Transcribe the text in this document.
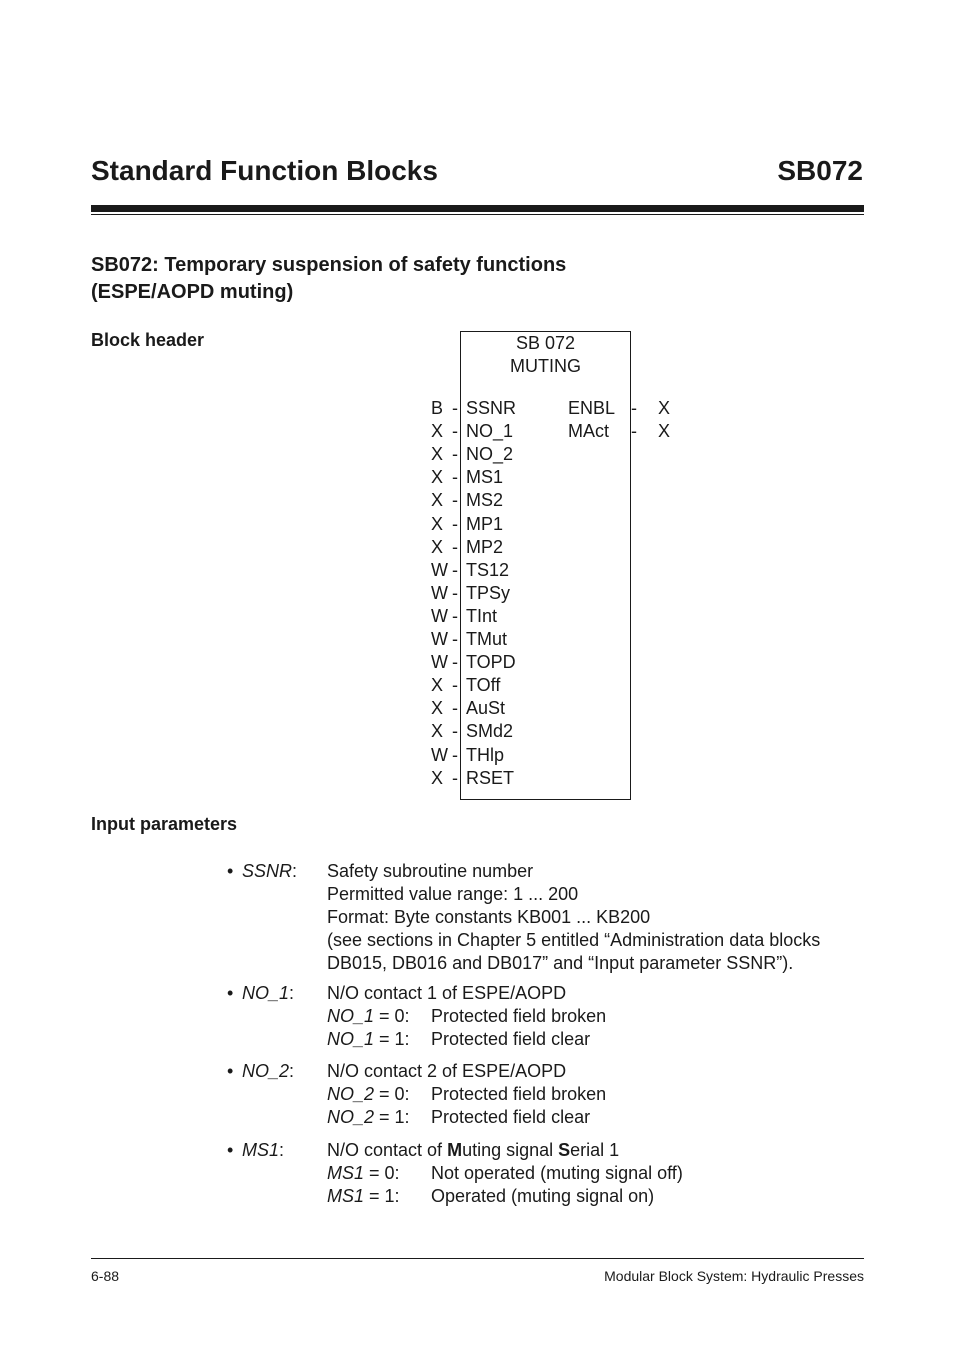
Standard Function Blocks	SB072
SB072: Temporary suspension of safety functions
(ESPE/AOPD muting)
Block header	SB 072
MUTING
B - SSNR
X - NO_1
X - NO_2
X - MS1
X - MS2
X - MP1
X - MP2
W - TS12
W - TPSy
W - TInt
W - TMut
W - TOPD
X - TOff
X - AuSt
X - SMd2
W - THlp
X - RSET
ENBL - X
MAct - X
Input parameters
• SSNR: Safety subroutine number
Permitted value range: 1 ... 200
Format: Byte constants KB001 ... KB200
(see sections in Chapter 5 entitled “Administration data blocks
DB015, DB016 and DB017” and “Input parameter SSNR”).
• NO_1: N/O contact 1 of ESPE/AOPD
NO_1 = 0: Protected field broken
NO_1 = 1: Protected field clear
• NO_2: N/O contact 2 of ESPE/AOPD
NO_2 = 0: Protected field broken
NO_2 = 1: Protected field clear
• MS1: N/O contact of Muting signal Serial 1
MS1 = 0: Not operated (muting signal off)
MS1 = 1: Operated (muting signal on)
6-88	Modular Block System: Hydraulic Presses
